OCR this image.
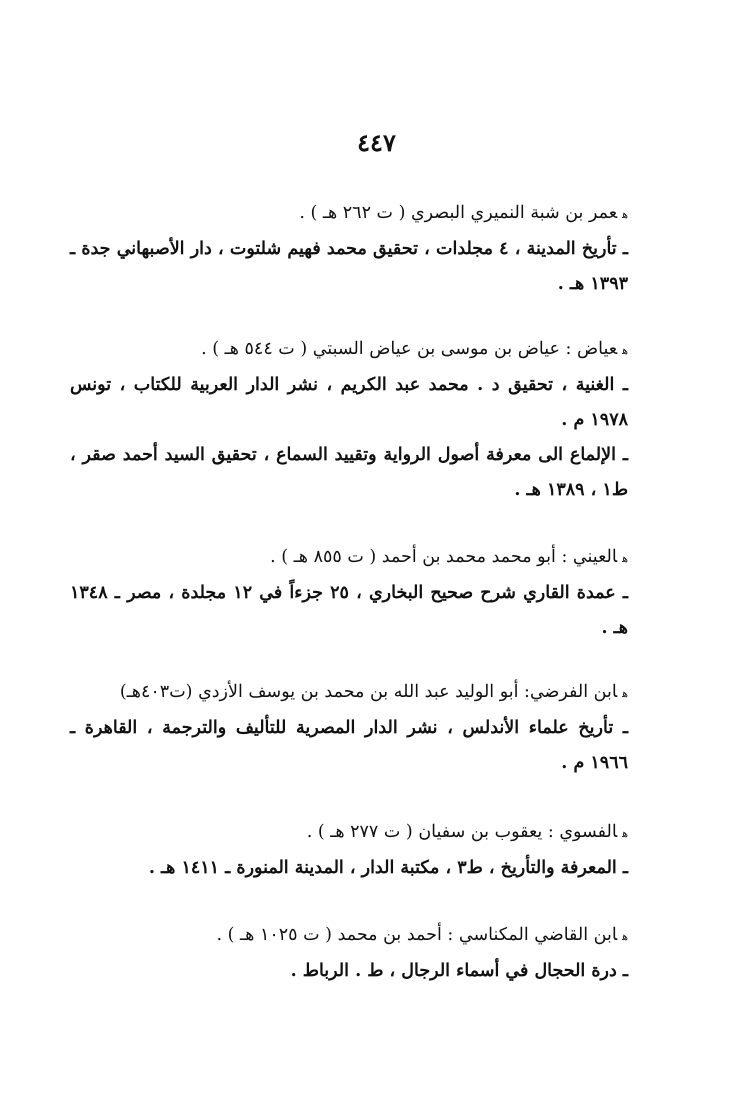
٤٤٧
هعمر بن شبة النميري البصري ( ت ٢٦٢ هـ ) .
ـ تأريخ المدينة ، ٤ مجلدات ، تحقيق محمد فهيم شلتوت ، دار الأصبهاني جدة ـ ١٣٩٣ هـ .
هعياض : عياض بن موسى بن عياض السبتي ( ت ٥٤٤ هـ ) .
ـ الغنية ، تحقيق د . محمد عبد الكريم ، نشر الدار العربية للكتاب ، تونس ١٩٧٨ م .
ـ الإلماع الى معرفة أصول الرواية وتقييد السماع ، تحقيق السيد أحمد صقر ، ط١ ، ١٣٨٩ هـ .
هالعيني : أبو محمد محمد بن أحمد ( ت ٨٥٥ هـ ) .
ـ عمدة القاري شرح صحيح البخاري ، ٢٥ جزءاً في ١٢ مجلدة ، مصر ـ ١٣٤٨ هـ .
هابن الفرضي: أبو الوليد عبد الله بن محمد بن يوسف الأزدي (ت٤٠٣هـ)
ـ تأريخ علماء الأندلس ، نشر الدار المصرية للتأليف والترجمة ، القاهرة ـ ١٩٦٦ م .
هالفسوي : يعقوب بن سفيان ( ت ٢٧٧ هـ ) .
ـ المعرفة والتأريخ ، ط٣ ، مكتبة الدار ، المدينة المنورة ـ ١٤١١ هـ .
هابن القاضي المكناسي : أحمد بن محمد ( ت ١٠٢٥ هـ ) .
ـ درة الحجال في أسماء الرجال ، ط . الرباط .
